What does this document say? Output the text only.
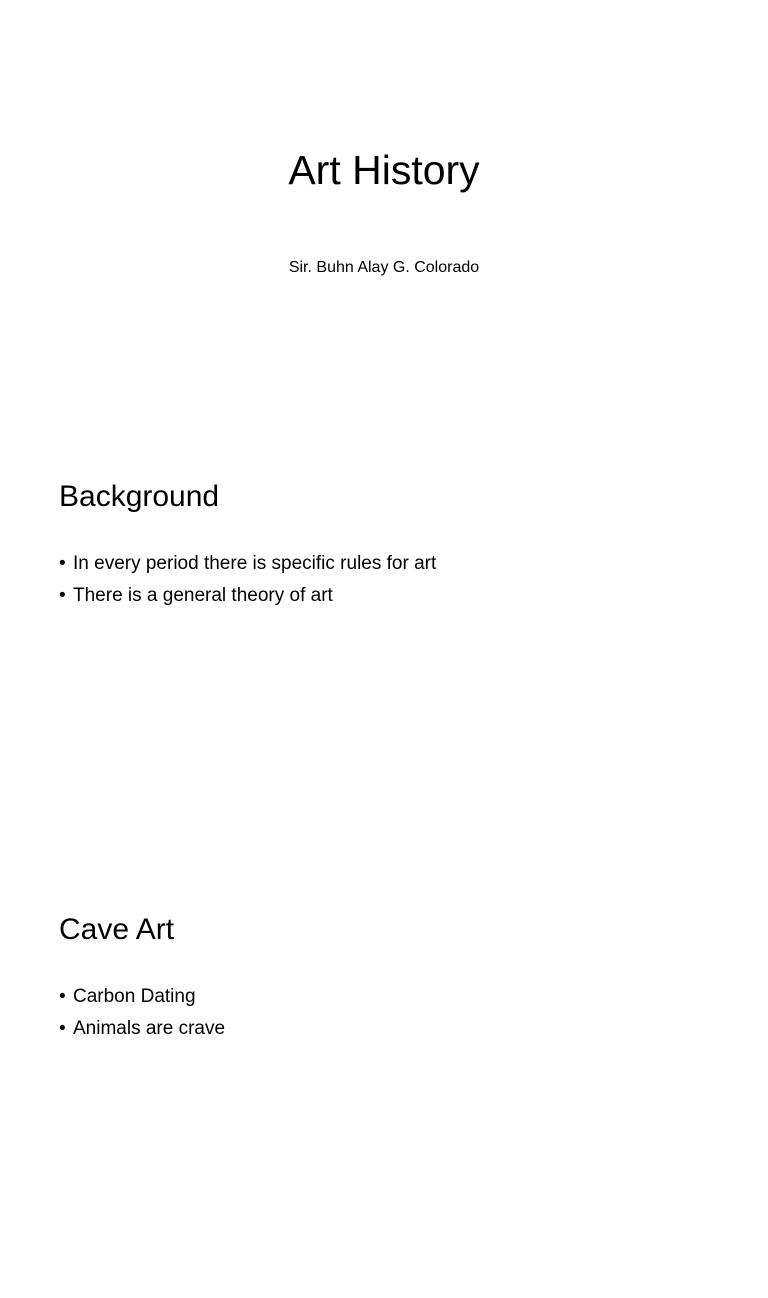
Art History

Sir. Buhn Alay G. Colorado

Background
• In every period there is specific rules for art
• There is a general theory of art
Cave Art
• Carbon Dating
• Animals are crave
